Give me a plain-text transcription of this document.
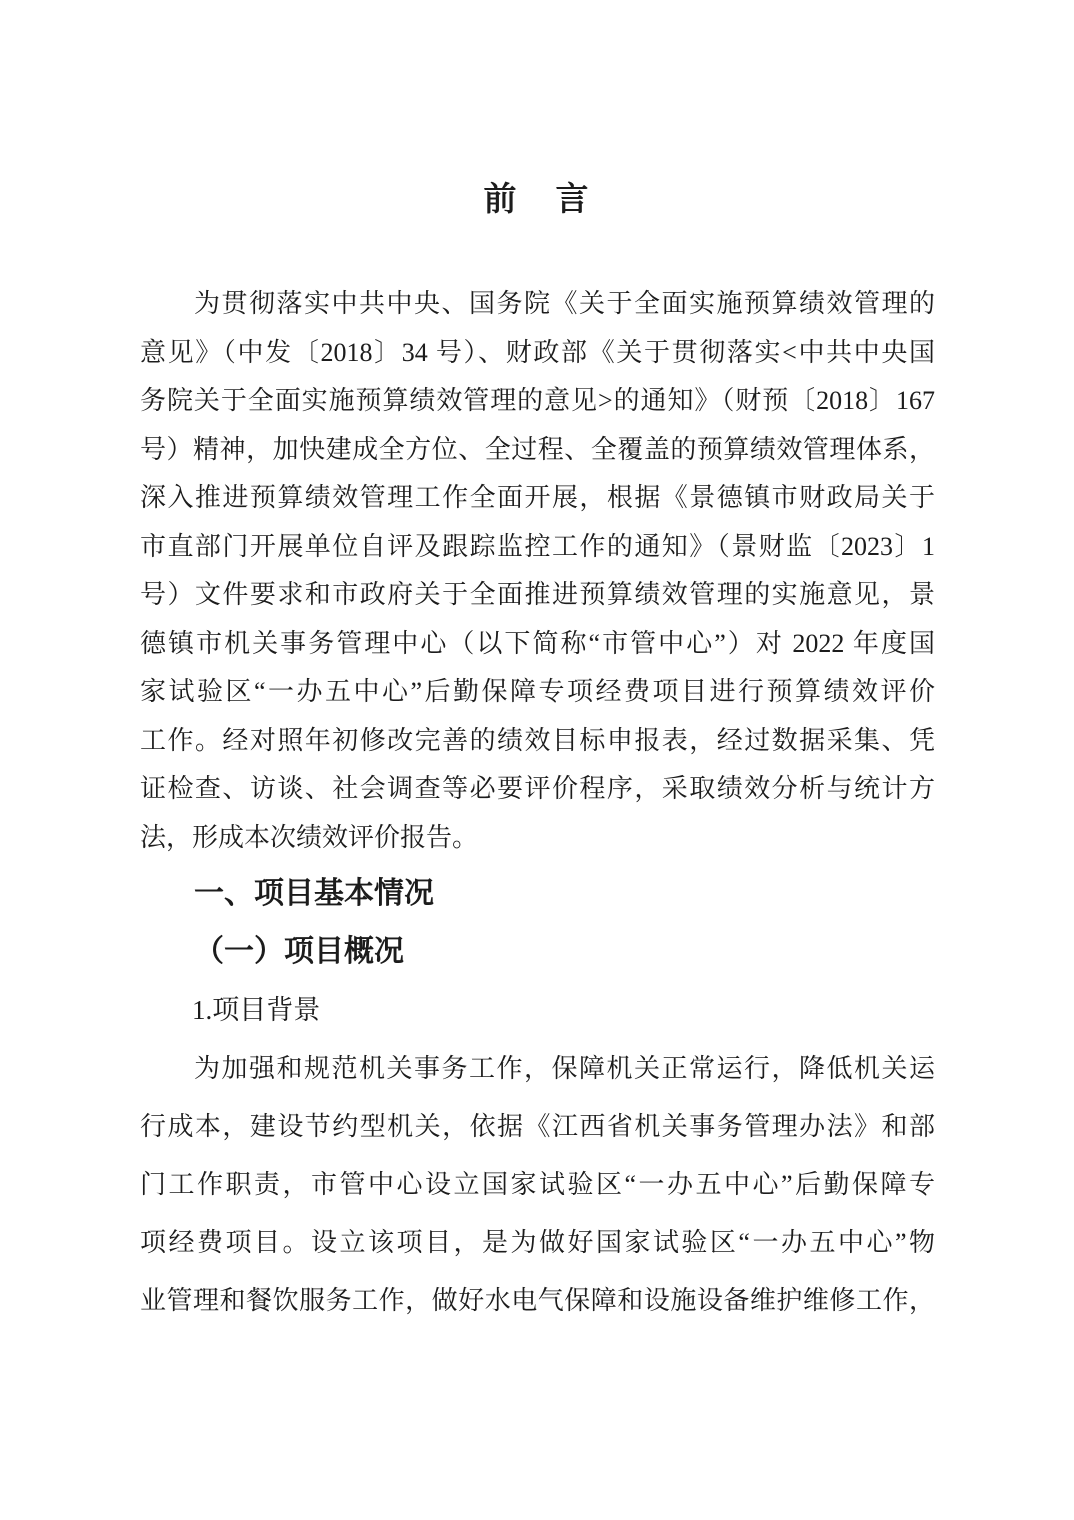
前　言
为贯彻落实中共中央、国务院《关于全面实施预算绩效管理的
意见》（中发〔2018〕34 号）、财政部《关于贯彻落实<中共中央国
务院关于全面实施预算绩效管理的意见>的通知》（财预〔2018〕167
号）精神，加快建成全方位、全过程、全覆盖的预算绩效管理体系，
深入推进预算绩效管理工作全面开展，根据《景德镇市财政局关于
市直部门开展单位自评及跟踪监控工作的通知》（景财监〔2023〕1
号）文件要求和市政府关于全面推进预算绩效管理的实施意见，景
德镇市机关事务管理中心（以下简称“市管中心”）对 2022 年度国
家试验区“一办五中心”后勤保障专项经费项目进行预算绩效评价
工作。经对照年初修改完善的绩效目标申报表，经过数据采集、凭
证检查、访谈、社会调查等必要评价程序，采取绩效分析与统计方
法，形成本次绩效评价报告。
一、项目基本情况
（一）项目概况
1.项目背景
为加强和规范机关事务工作，保障机关正常运行，降低机关运
行成本，建设节约型机关，依据《江西省机关事务管理办法》和部
门工作职责，市管中心设立国家试验区“一办五中心”后勤保障专
项经费项目。设立该项目，是为做好国家试验区“一办五中心”物
业管理和餐饮服务工作，做好水电气保障和设施设备维护维修工作，
